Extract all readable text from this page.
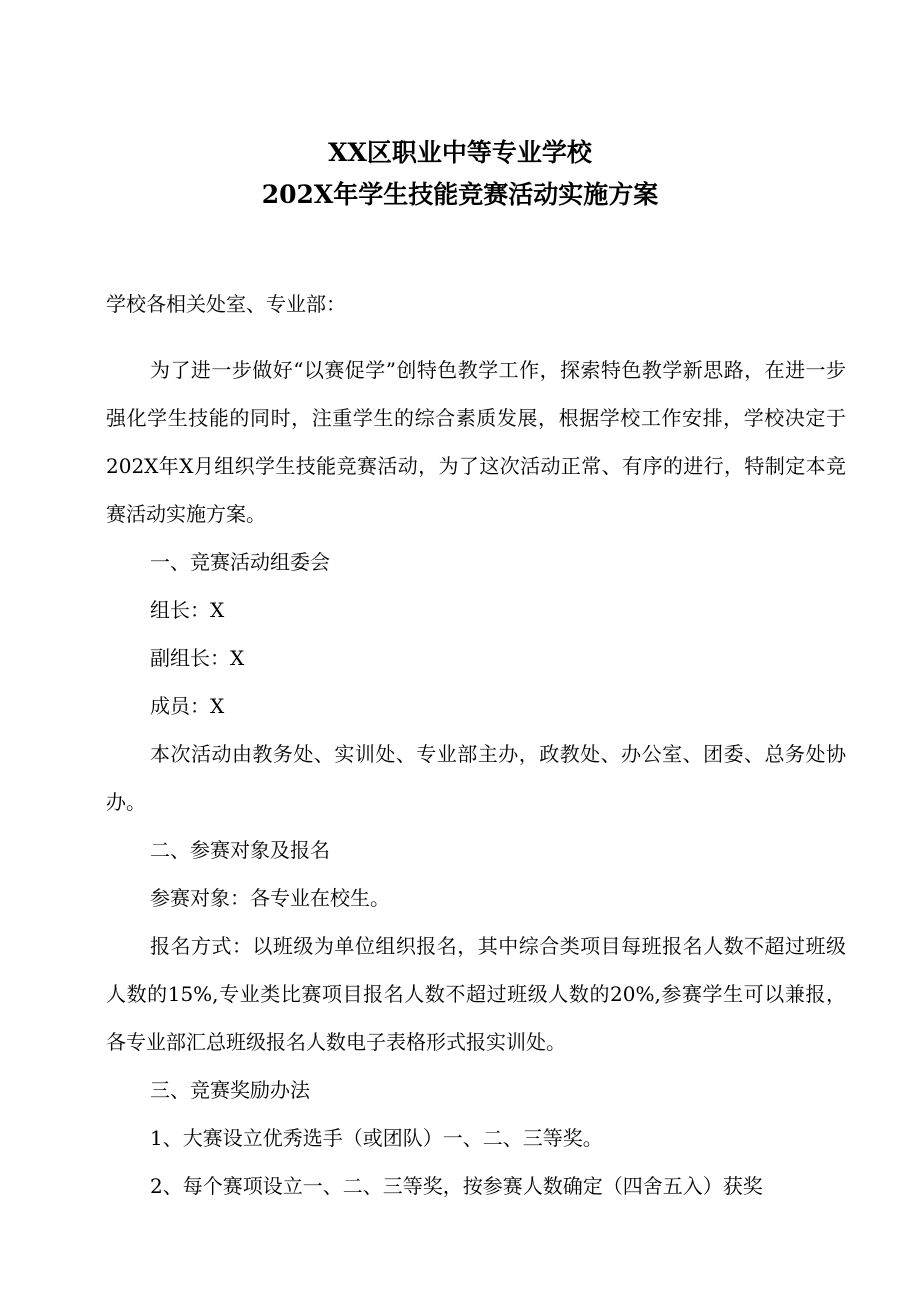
XX区职业中等专业学校
202X年学生技能竞赛活动实施方案

学校各相关处室、专业部：

为了进一步做好“以赛促学”创特色教学工作，探索特色教学新思路，在进一步强化学生技能的同时，注重学生的综合素质发展，根据学校工作安排，学校决定于202X年X月组织学生技能竞赛活动，为了这次活动正常、有序的进行，特制定本竞赛活动实施方案。

一、竞赛活动组委会

组长：X

副组长：X

成员：X

本次活动由教务处、实训处、专业部主办，政教处、办公室、团委、总务处协办。

二、参赛对象及报名

参赛对象：各专业在校生。

报名方式：以班级为单位组织报名，其中综合类项目每班报名人数不超过班级人数的15%,专业类比赛项目报名人数不超过班级人数的20%,参赛学生可以兼报，各专业部汇总班级报名人数电子表格形式报实训处。

三、竞赛奖励办法

1、大赛设立优秀选手（或团队）一、二、三等奖。

2、每个赛项设立一、二、三等奖，按参赛人数确定（四舍五入）获奖
